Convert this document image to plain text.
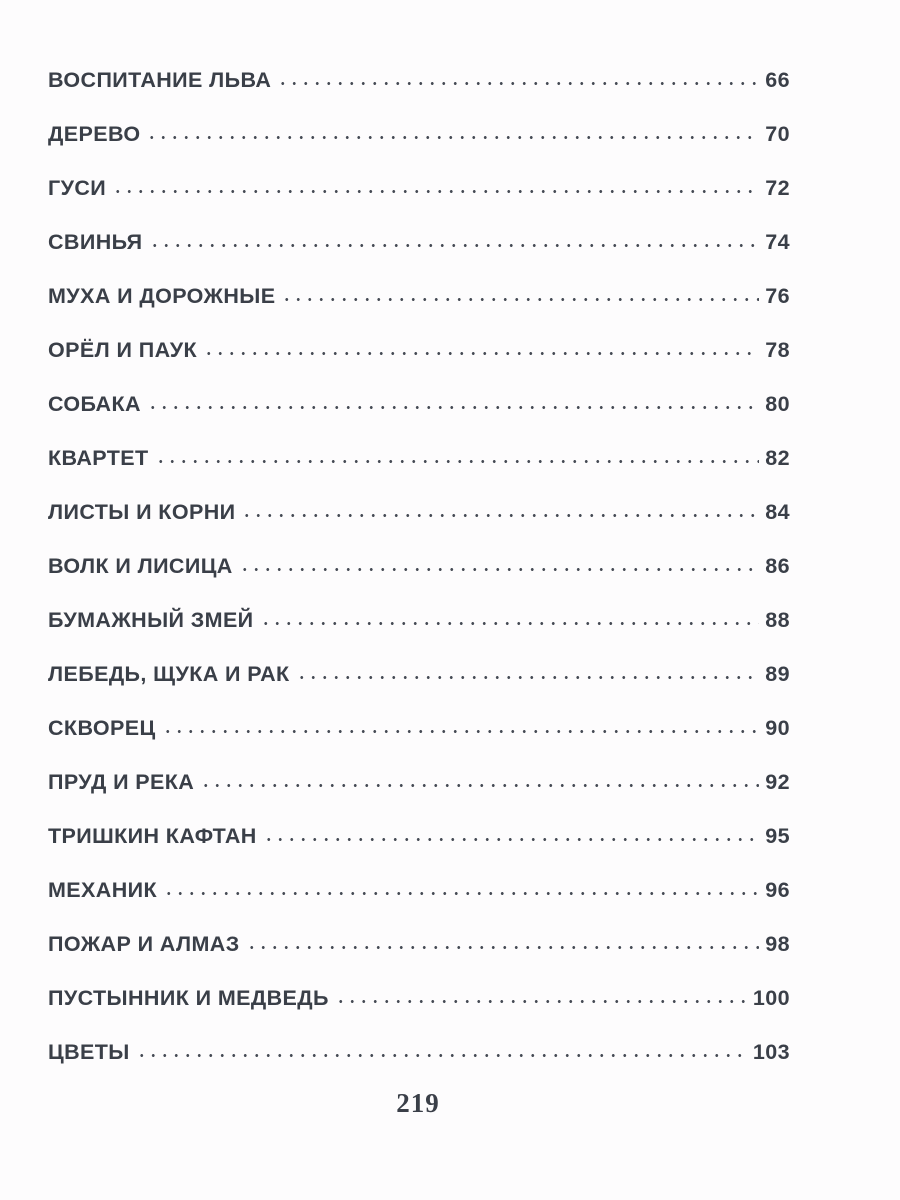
ВОСПИТАНИЕ ЛЬВА	66
ДЕРЕВО	70
ГУСИ	72
СВИНЬЯ	74
МУХА И ДОРОЖНЫЕ	76
ОРЁЛ И ПАУК	78
СОБАКА	80
КВАРТЕТ	82
ЛИСТЫ И КОРНИ	84
ВОЛК И ЛИСИЦА	86
БУМАЖНЫЙ ЗМЕЙ	88
ЛЕБЕДЬ, ЩУКА И РАК	89
СКВОРЕЦ	90
ПРУД И РЕКА	92
ТРИШКИН КАФТАН	95
МЕХАНИК	96
ПОЖАР И АЛМАЗ	98
ПУСТЫННИК И МЕДВЕДЬ	100
ЦВЕТЫ	103
219
